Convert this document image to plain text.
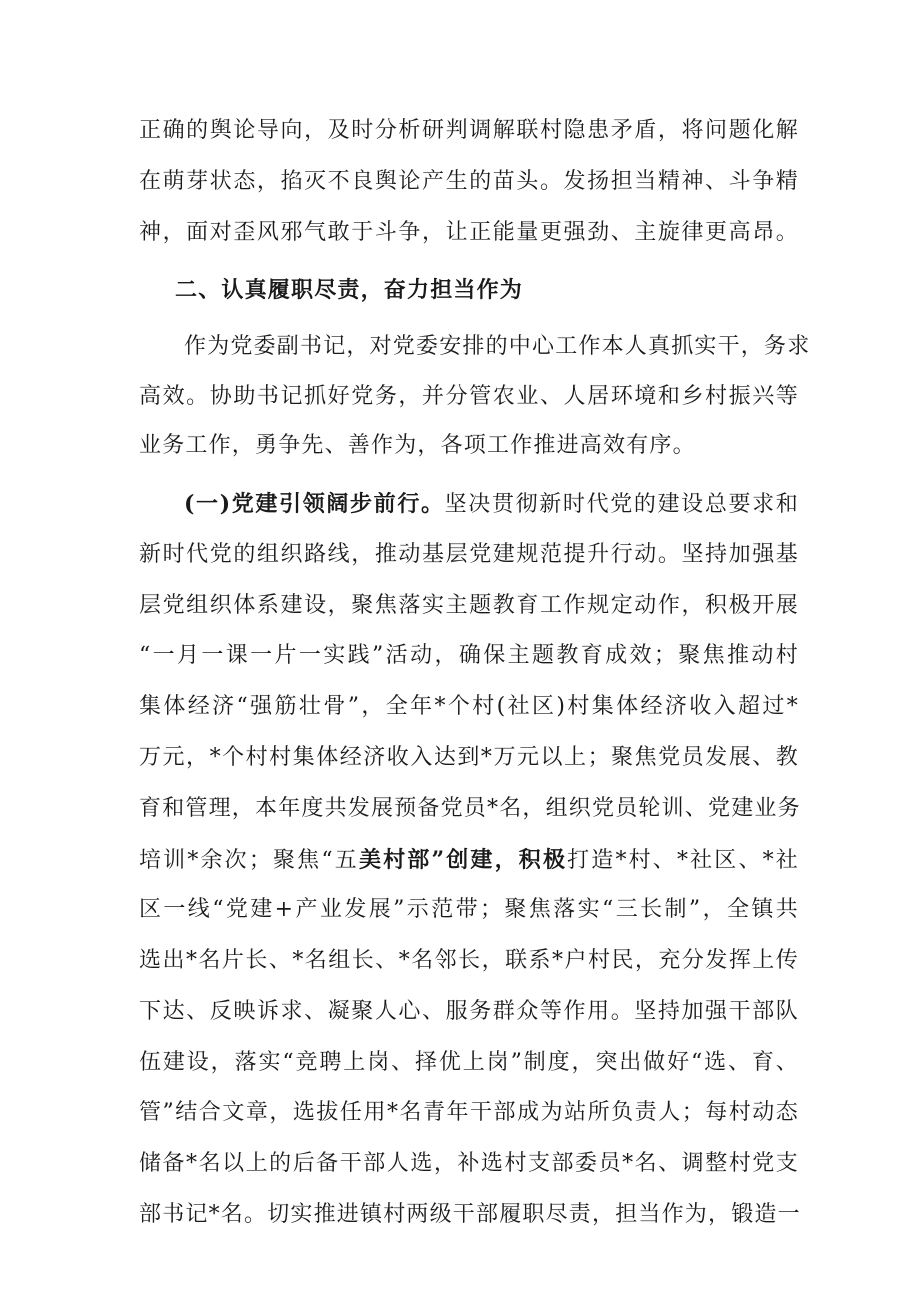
正确的舆论导向，及时分析研判调解联村隐患矛盾，将问题化解
在萌芽状态，掐灭不良舆论产生的苗头。发扬担当精神、斗争精
神，面对歪风邪气敢于斗争，让正能量更强劲、主旋律更高昂。
二、认真履职尽责，奋力担当作为
作为党委副书记，对党委安排的中心工作本人真抓实干，务求
高效。协助书记抓好党务，并分管农业、人居环境和乡村振兴等
业务工作，勇争先、善作为，各项工作推进高效有序。
(一)党建引领阔步前行。坚决贯彻新时代党的建设总要求和
新时代党的组织路线，推动基层党建规范提升行动。坚持加强基
层党组织体系建设，聚焦落实主题教育工作规定动作，积极开展
“一月一课一片一实践”活动，确保主题教育成效；聚焦推动村
集体经济“强筋壮骨”，全年*个村(社区)村集体经济收入超过*
万元，*个村村集体经济收入达到*万元以上；聚焦党员发展、教
育和管理，本年度共发展预备党员*名，组织党员轮训、党建业务
培训*余次；聚焦“五美村部”创建，积极打造*村、*社区、*社
区一线“党建+产业发展”示范带；聚焦落实“三长制”，全镇共
选出*名片长、*名组长、*名邻长，联系*户村民，充分发挥上传
下达、反映诉求、凝聚人心、服务群众等作用。坚持加强干部队
伍建设，落实“竞聘上岗、择优上岗”制度，突出做好“选、育、
管”结合文章，选拔任用*名青年干部成为站所负责人；每村动态
储备*名以上的后备干部人选，补选村支部委员*名、调整村党支
部书记*名。切实推进镇村两级干部履职尽责，担当作为，锻造一
